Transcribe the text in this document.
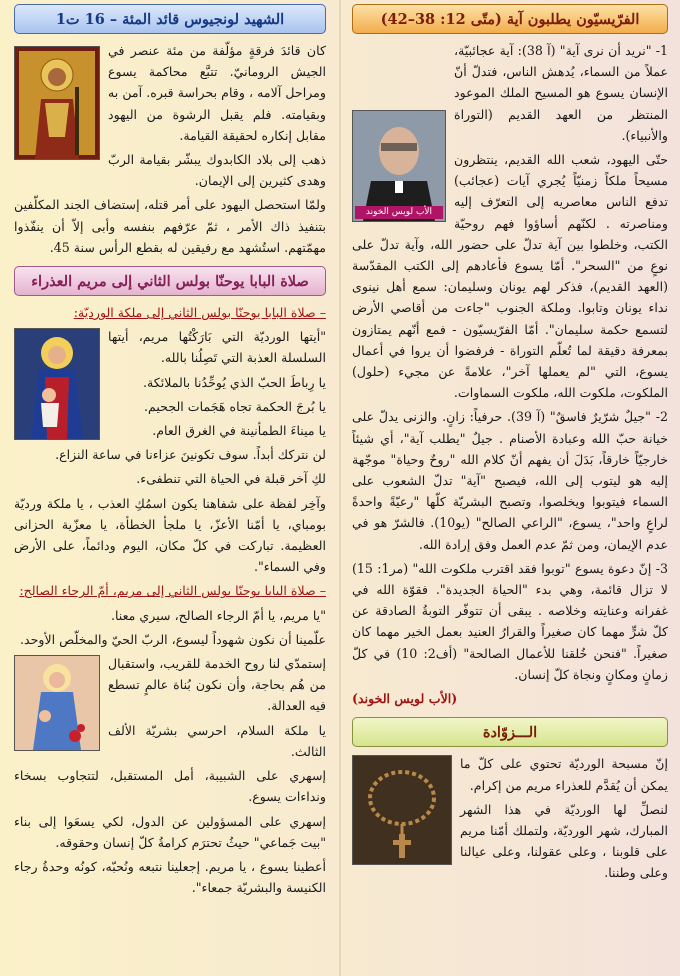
الشهيد لونجيوس قائد المئة – 16 ت1

كان قائدَ فرقةٍ مؤلّفة من مئة عنصر في الجيش الرومانيّ. تتبَّع محاكمة يسوع ومراحل آلامه ، وقام بحراسة قبره. آمن به وبقيامته. فلم يقبل الرشوة من اليهود مقابل إنكاره لحقيقة القيامة.

ذهب إلى بلاد الكابدوك يبشّر بقيامة الربّ وهدى كثيرين إلى الإيمان.

ولمّا استحصل اليهود على أمر قتله، إستضاف الجند المكلّفين بتنفيذ ذاك الأمر ، ثمّ عرّفهم بنفسه وأبى إلاّ أن ينفّذوا مهمّتهم. استُشهد مع رفيقين له بقطع الرأس سنة 45.

صلاة البابا يوحنّا بولس الثاني إلى مريم العذراء

– صلاة البابا يوحنّا بولس الثاني إلى ملكة الورديّة:

"أيتها الورديّة التي بَارَكْتُها مريم، أيتها السلسلة العذبة التي تَصِلُنا بالله.

يا رِباطَ الحبّ الذي يُوحِّدُنا بالملائكة.

يا بُرجَ الحكمة تجاه هَجَمات الجحيم.

يا ميناءَ الطمأنينة في الغرق العام.

لن نتركك أبداً. سوف تكونينَ عزاءنا في ساعة النزاع.

لكِ آخر قبلة في الحياة التي تنطفىء.

وآخِر لفظة على شفاهنا يكون اسمُكِ العذب ، يا ملكة ورديّة بومباي، يا أمّنا الأعزّ، يا ملجأ الخطأة، يا معزّية الحزانى العظيمة. تباركت في كلّ مكان، اليوم ودائماً، على الأرض وفي السماء".

– صلاة البابا يوحنّا بولس الثاني إلى مريم، أمّ الرجاء الصالح:

"يا مريم، يا أمّ الرجاء الصالح، سيري معنا.

علّمينا أن نكون شهوداً ليسوع، الربّ الحيّ والمخلّص الأوحد.

إستمدّي لنا روح الخدمة للقريب، واستقبال من هُم بحاجة، وأن نكون بُناة عالمٍ تسطع فيه العدالة.

يا ملكة السلام، احرسي بشريّة الألف الثالث.

إسهري على الشبيبة، أمل المستقبل، لتتجاوب بسخاء ونداءات يسوع.

إسهري على المسؤولين عن الدول، لكي يسعَوا إلى بناء "بيت جَماعي" حيثُ تحترَم كرامةُ كلّ إنسان وحقوقه.

أعطينا يسوع ، يا مريم. إجعلينا نتبعه ونُحبّه، كونُه وحدةُ رجاء الكنيسة والبشريّة جمعاء".

الفرّيسيّون يطلبون آية (متّى 12: 38–42)
الأب لويس الخوند

1- "نريد أن نرى آية" (آ 38): آية عجائبيّة، عملاً من السماء، يُدهش الناس، فتدلّ أنّ الإنسان يسوع هو المسيح الملك الموعود المنتظر من العهد القديم (التوراة والأنبياء).

حتّى اليهود، شعب الله القديم، ينتظرون مسيحاً ملكاً زمنيّاً يُجري آيات (عجائب) تدفع الناس معاصريه إلى التعرّف إليه ومناصرته . لكنّهم أساؤوا فهم روحيّة الكتب، وخلطوا بين آية تدلّ على حضور الله، وآية تدلّ على نوعٍ من "السحر". أمّا يسوع فأعادهم إلى الكتب المقدّسة (العهد القديم)، فذكر لهم يونان وسليمان: سمع أهل نينوى نداء يونان وتابوا. وملكة الجنوب "جاءت من أقاصي الأرض لتسمع حكمة سليمان". أمّا الفرّيسيّون - فمع أنّهم يمتازون بمعرفة دقيقة لما تُعلّم التوراة - فرفضوا أن يروا في أعمال يسوع، التي "لم يعملها آخر"، علامةً عن مجيء (حلول) الملكوت، ملكوت الله، ملكوت السماوات.

2- "جيلٌ شرّيرٌ فاسقٌ" (آ 39). حرفياً: زانٍ. والزنى يدلّ على خيانة حبّ الله وعبادة الأصنام . جيلٌ "يطلب آية"، أي شيئاً خارجيّاً خارقاً، بَدَلَ أن يفهم أنّ كلام الله "روحٌ وحياة" موجّهة إليه هو ليتوب إلى الله، فيصبح "آية" تدلّ الشعوب على السماء فيتوبوا ويخلصوا، وتصبح البشريّة كلّها "رعيّةً واحدةً لراعٍ واحد"، يسوع، "الراعي الصالح" (يو10). فالشرّ هو في عدم الإيمان، ومن ثمّ عدم العمل وفق إرادة الله.

3- إنّ دعوة يسوع "توبوا فقد اقترب ملكوت الله" (مر1: 15) لا تزال قائمة، وهي بدء "الحياة الجديدة". فقوّة الله في غفرانه وعنايته وخلاصه . يبقى أن تتوفّر التوبةُ الصادقة عن كلّ شرٍّ مهما كان صغيراً والقرارُ العنيد بعمل الخير مهما كان صغيراً. "فنحن خُلقنا للأعمال الصالحة" (أف2: 10) في كلّ زمانٍ ومكانٍ ونجاة كلّ إنسان.

(الأب لويس الخوند)

الـــزوّادة

إنّ مسبحة الورديّة تحتوي على كلّ ما يمكن أن يُقدَّم للعذراء مريم من إكرام.

لنصلِّ لها الورديّة في هذا الشهر المبارك، شهر الورديّة، ولتملك أمّنا مريم على قلوبنا ، وعلى عقولنا، وعلى عيالنا وعلى وطننا.
